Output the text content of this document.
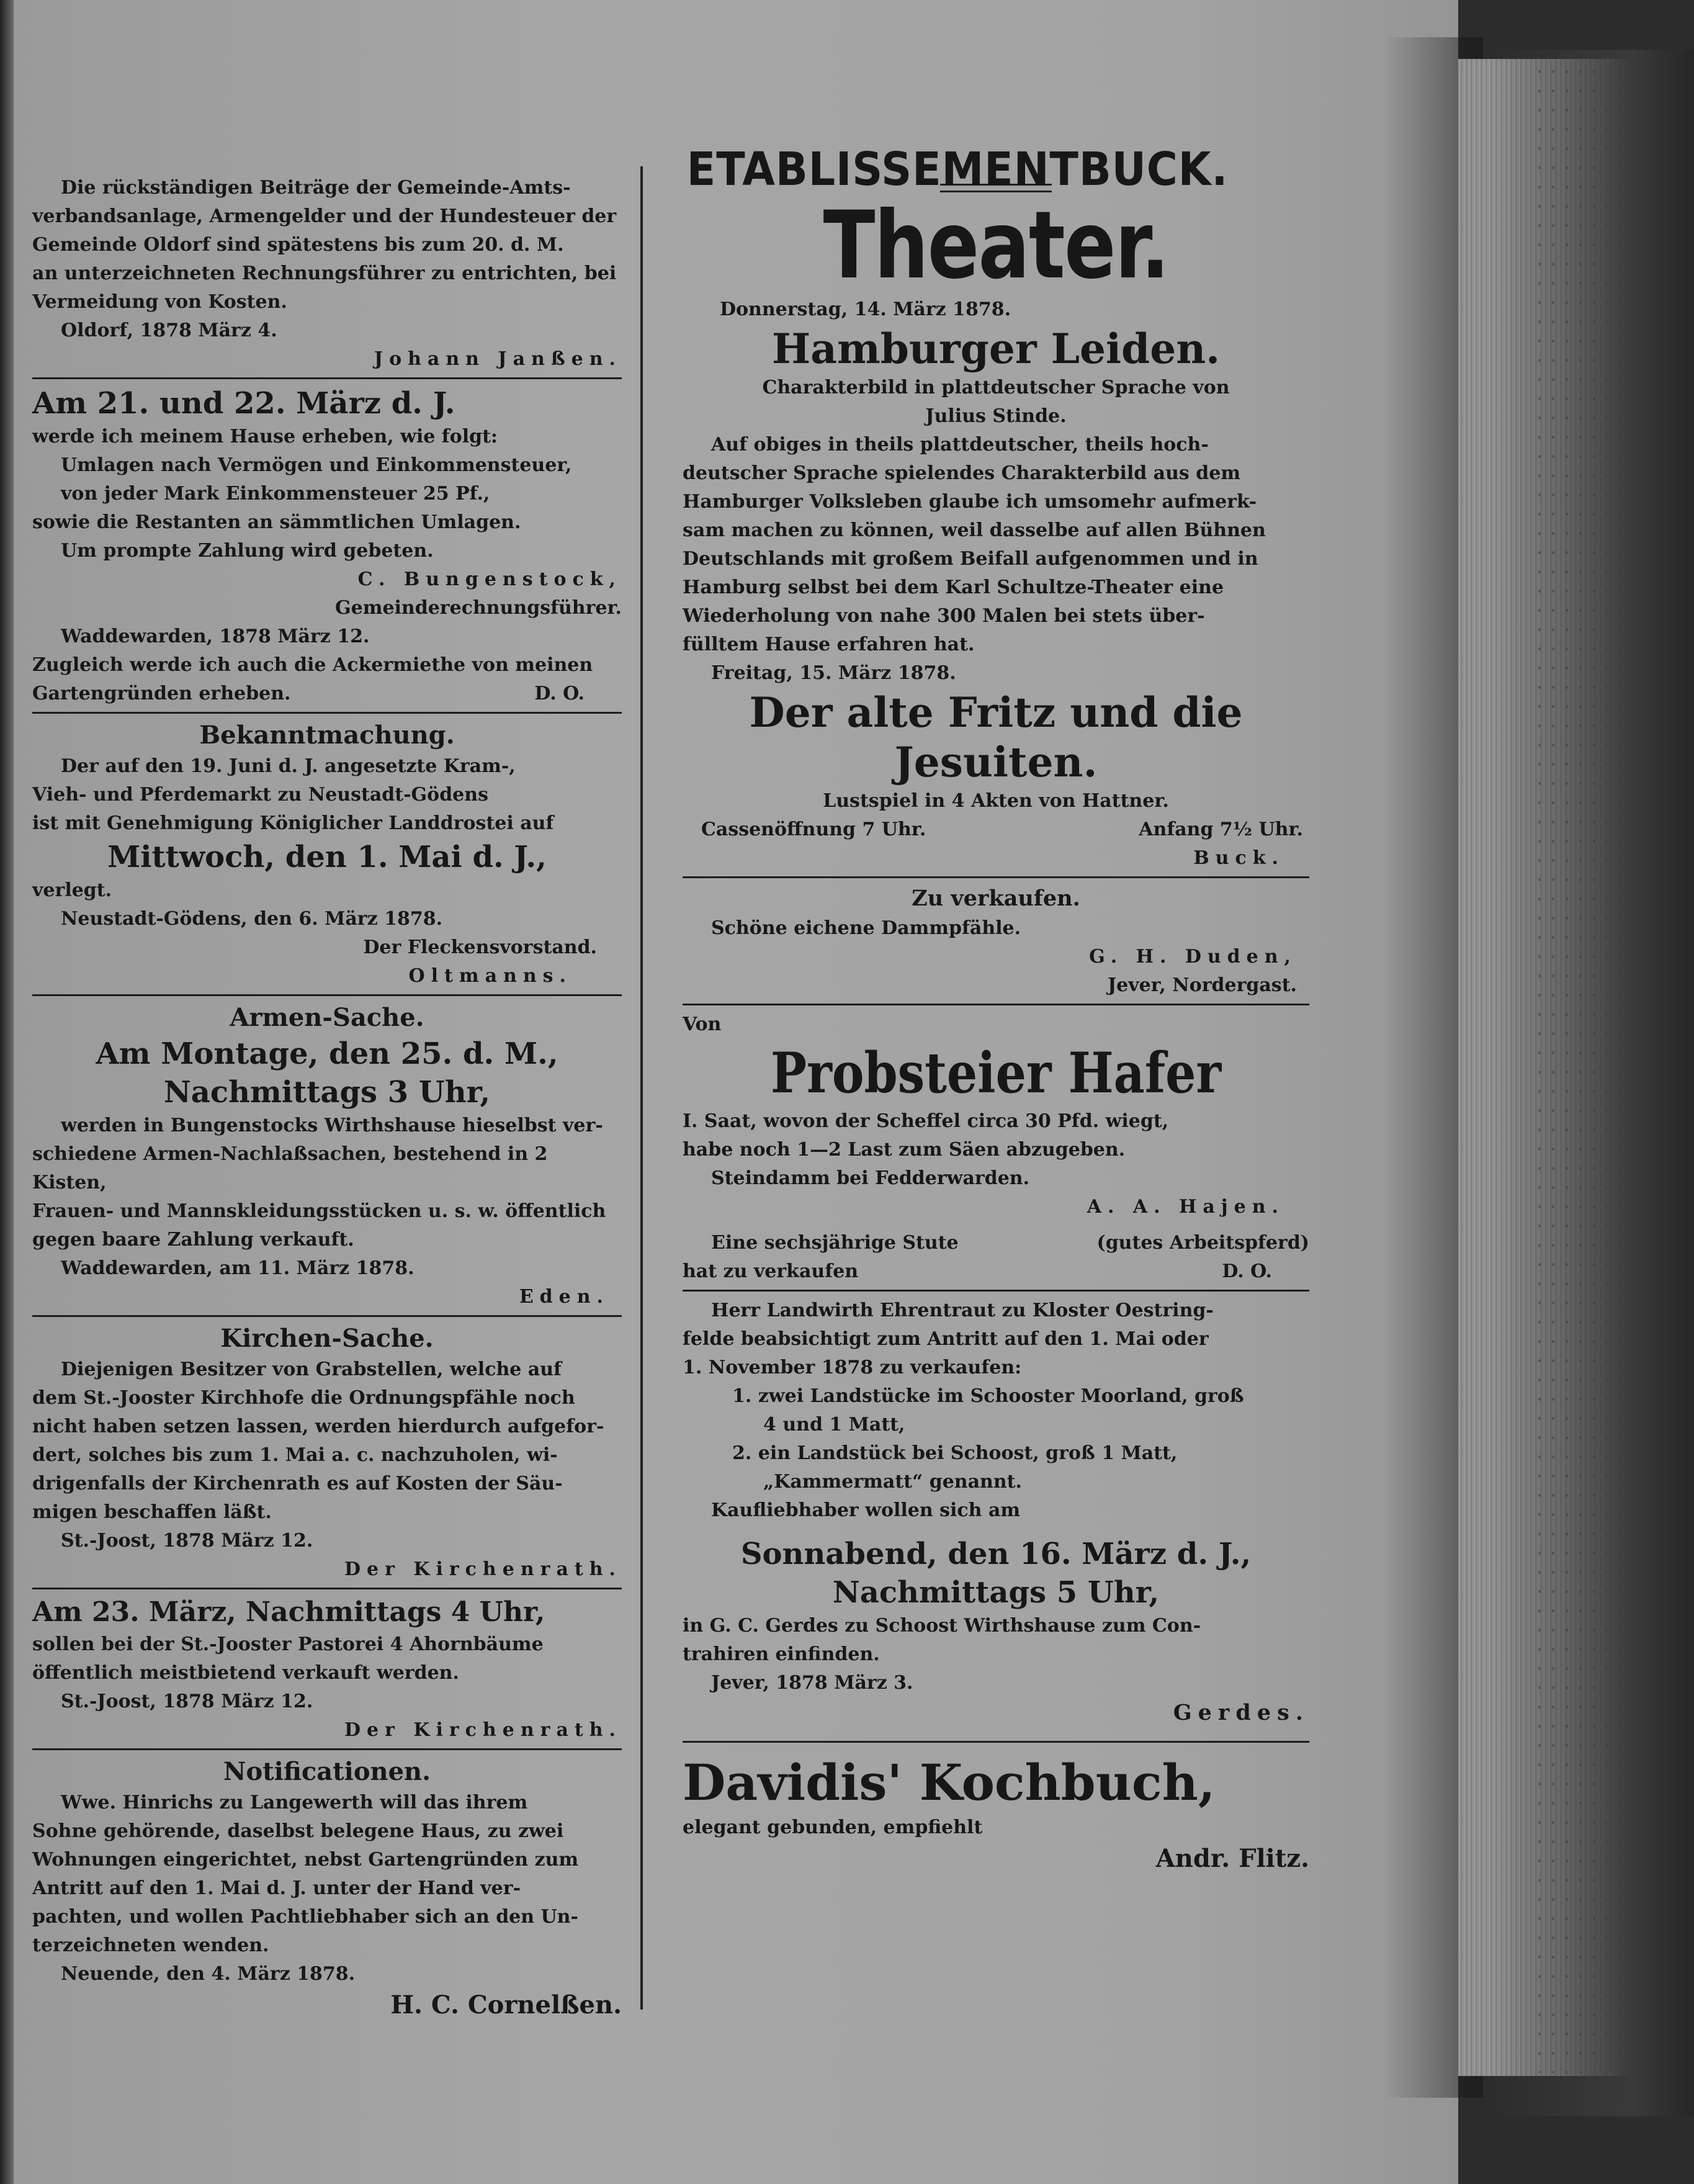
Die rückständigen Beiträge der Gemeinde-Amts-
verbandsanlage, Armengelder und der Hundesteuer der
Gemeinde Oldorf sind spätestens bis zum 20. d. M.
an unterzeichneten Rechnungsführer zu entrichten, bei
Vermeidung von Kosten.
Oldorf, 1878 März 4.
Johann Janßen.
Am 21. und 22. März d. J.
werde ich meinem Hause erheben, wie folgt:
Umlagen nach Vermögen und Einkommensteuer,
von jeder Mark Einkommensteuer 25 Pf.,
sowie die Restanten an sämmtlichen Umlagen.
Um prompte Zahlung wird gebeten.
C. Bungenstock,
Gemeinderechnungsführer.
Waddewarden, 1878 März 12.
Zugleich werde ich auch die Ackermiethe von meinen
Gartengründen erheben.	D. O.
Bekanntmachung.
Der auf den 19. Juni d. J. angesetzte Kram-,
Vieh- und Pferdemarkt zu Neustadt-Gödens
ist mit Genehmigung Königlicher Landdrostei auf
Mittwoch, den 1. Mai d. J.,
verlegt.
Neustadt-Gödens, den 6. März 1878.
Der Fleckensvorstand.
Oltmanns.
Armen-Sache.
Am Montage, den 25. d. M.,
Nachmittags 3 Uhr,
werden in Bungenstocks Wirthshause hieselbst ver-
schiedene Armen-Nachlaßsachen, bestehend in 2 Kisten,
Frauen- und Mannskleidungsstücken u. s. w. öffentlich
gegen baare Zahlung verkauft.
Waddewarden, am 11. März 1878.
Eden.
Kirchen-Sache.
Diejenigen Besitzer von Grabstellen, welche auf
dem St.-Jooster Kirchhofe die Ordnungspfähle noch
nicht haben setzen lassen, werden hierdurch aufgefor-
dert, solches bis zum 1. Mai a. c. nachzuholen, wi-
drigenfalls der Kirchenrath es auf Kosten der Säu-
migen beschaffen läßt.
St.-Joost, 1878 März 12.
Der Kirchenrath.
Am 23. März, Nachmittags 4 Uhr,
sollen bei der St.-Jooster Pastorei 4 Ahornbäume
öffentlich meistbietend verkauft werden.
St.-Joost, 1878 März 12.
Der Kirchenrath.
Notificationen.
Wwe. Hinrichs zu Langewerth will das ihrem
Sohne gehörende, daselbst belegene Haus, zu zwei
Wohnungen eingerichtet, nebst Gartengründen zum
Antritt auf den 1. Mai d. J. unter der Hand ver-
pachten, und wollen Pachtliebhaber sich an den Un-
terzeichneten wenden.
Neuende, den 4. März 1878.
H. C. Cornelßen.
ETABLISSEMENTBUCK.
Theater.
Donnerstag, 14. März 1878.
Hamburger Leiden.
Charakterbild in plattdeutscher Sprache von
Julius Stinde.
Auf obiges in theils plattdeutscher, theils hoch-
deutscher Sprache spielendes Charakterbild aus dem
Hamburger Volksleben glaube ich umsomehr aufmerk-
sam machen zu können, weil dasselbe auf allen Bühnen
Deutschlands mit großem Beifall aufgenommen und in
Hamburg selbst bei dem Karl Schultze-Theater eine
Wiederholung von nahe 300 Malen bei stets über-
fülltem Hause erfahren hat.
Freitag, 15. März 1878.
Der alte Fritz und die
Jesuiten.
Lustspiel in 4 Akten von Hattner.
Cassenöffnung 7 Uhr.	Anfang 7½ Uhr.
Buck.
Zu verkaufen.
Schöne eichene Dammpfähle.
G. H. Duden,
Jever, Nordergast.
Von
Probsteier Hafer
I. Saat, wovon der Scheffel circa 30 Pfd. wiegt,
habe noch 1—2 Last zum Säen abzugeben.
Steindamm bei Fedderwarden.
A. A. Hajen.
Eine sechsjährige Stute	(gutes Arbeitspferd)
hat zu verkaufen	D. O.
Herr Landwirth Ehrentraut zu Kloster Oestring-
felde beabsichtigt zum Antritt auf den 1. Mai oder
1. November 1878 zu verkaufen:
1. zwei Landstücke im Schooster Moorland, groß
4 und 1 Matt,
2. ein Landstück bei Schoost, groß 1 Matt,
„Kammermatt“ genannt.
Kaufliebhaber wollen sich am
Sonnabend, den 16. März d. J.,
Nachmittags 5 Uhr,
in G. C. Gerdes zu Schoost Wirthshause zum Con-
trahiren einfinden.
Jever, 1878 März 3.
Gerdes.
Davidis' Kochbuch,
elegant gebunden, empfiehlt
Andr. Flitz.
